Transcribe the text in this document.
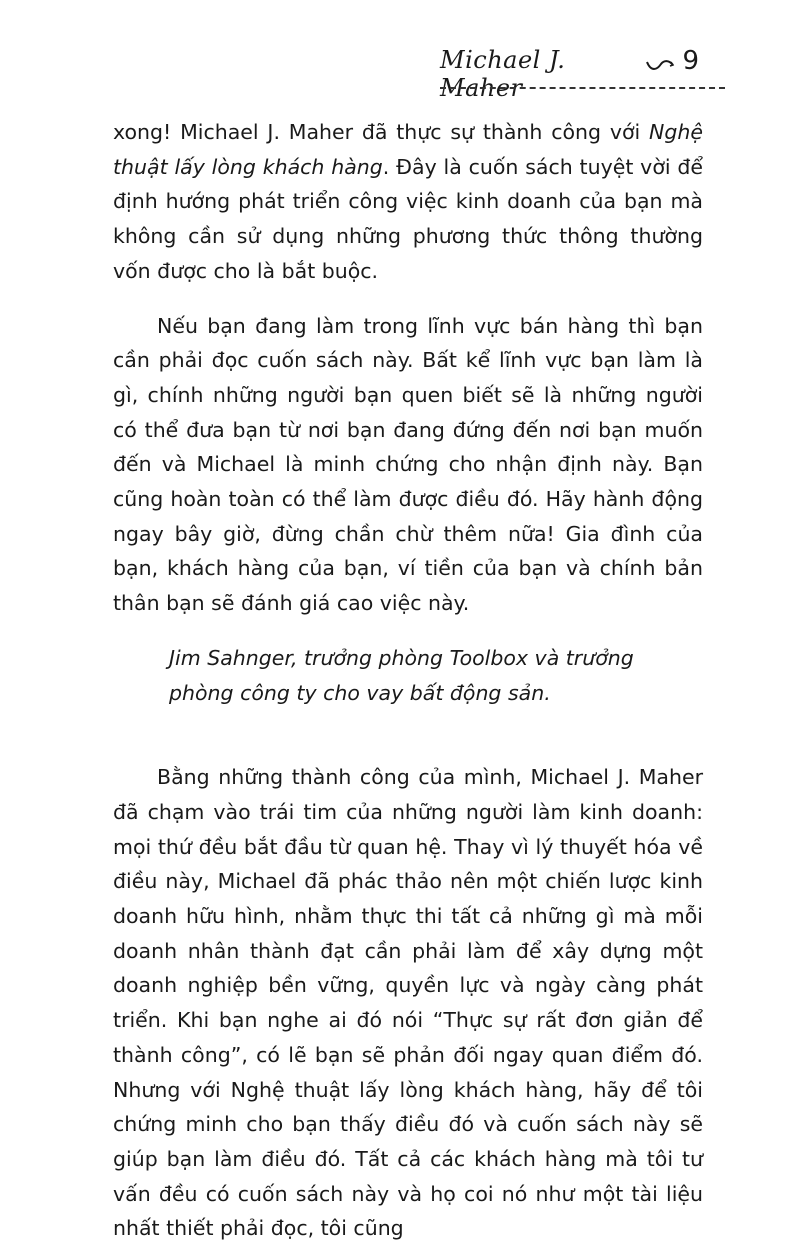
Michael J. Maher
9

xong! Michael J. Maher đã thực sự thành công với Nghệ thuật lấy lòng khách hàng. Đây là cuốn sách tuyệt vời để định hướng phát triển công việc kinh doanh của bạn mà không cần sử dụng những phương thức thông thường vốn được cho là bắt buộc.

Nếu bạn đang làm trong lĩnh vực bán hàng thì bạn cần phải đọc cuốn sách này. Bất kể lĩnh vực bạn làm là gì, chính những người bạn quen biết sẽ là những người có thể đưa bạn từ nơi bạn đang đứng đến nơi bạn muốn đến và Michael là minh chứng cho nhận định này. Bạn cũng hoàn toàn có thể làm được điều đó. Hãy hành động ngay bây giờ, đừng chần chừ thêm nữa! Gia đình của bạn, khách hàng của bạn, ví tiền của bạn và chính bản thân bạn sẽ đánh giá cao việc này.

Jim Sahnger, trưởng phòng Toolbox và trưởng phòng công ty cho vay bất động sản.

Bằng những thành công của mình, Michael J. Maher đã chạm vào trái tim của những người làm kinh doanh: mọi thứ đều bắt đầu từ quan hệ. Thay vì lý thuyết hóa về điều này, Michael đã phác thảo nên một chiến lược kinh doanh hữu hình, nhằm thực thi tất cả những gì mà mỗi doanh nhân thành đạt cần phải làm để xây dựng một doanh nghiệp bền vững, quyền lực và ngày càng phát triển. Khi bạn nghe ai đó nói “Thực sự rất đơn giản để thành công”, có lẽ bạn sẽ phản đối ngay quan điểm đó. Nhưng với Nghệ thuật lấy lòng khách hàng, hãy để tôi chứng minh cho bạn thấy điều đó và cuốn sách này sẽ giúp bạn làm điều đó. Tất cả các khách hàng mà tôi tư vấn đều có cuốn sách này và họ coi nó như một tài liệu nhất thiết phải đọc, tôi cũng
